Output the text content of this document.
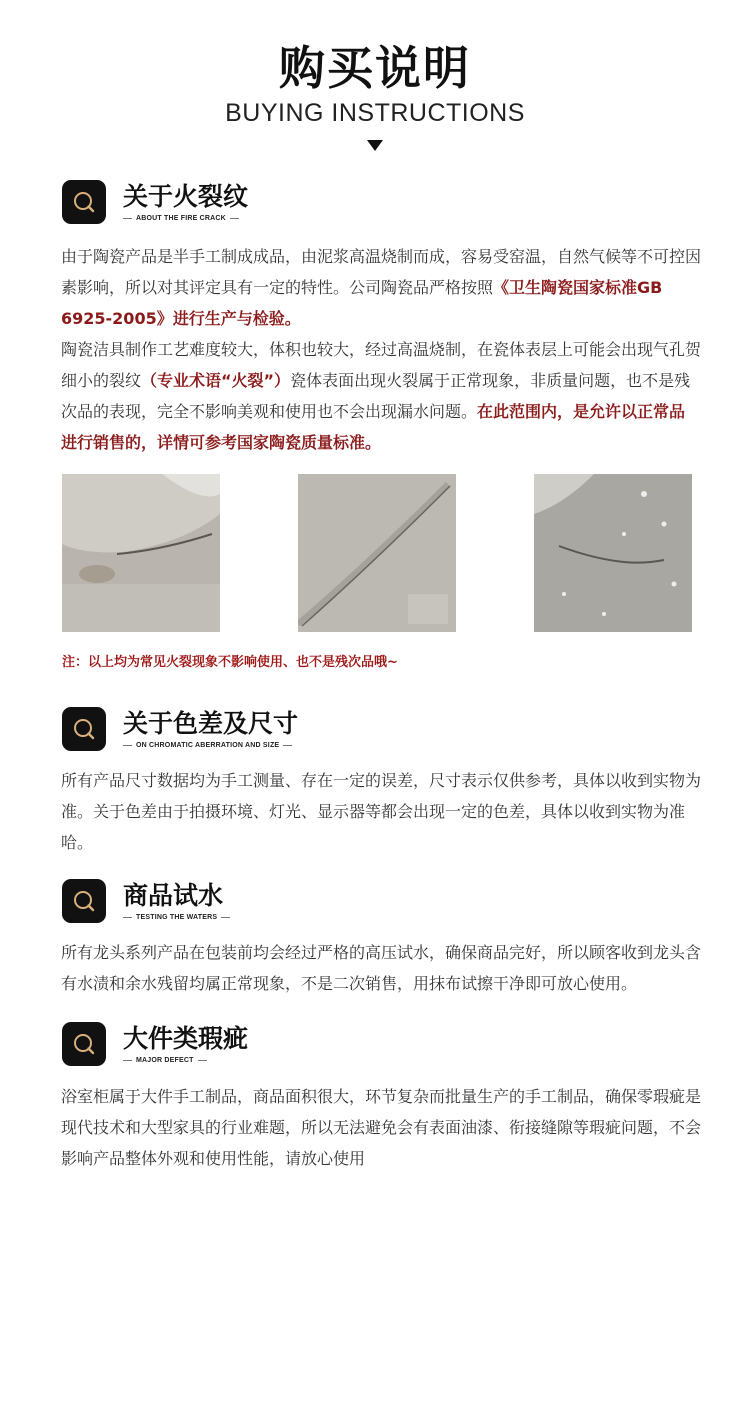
购买说明
BUYING INSTRUCTIONS
关于火裂纹
ABOUT THE FIRE CRACK

由于陶瓷产品是半手工制成成品，由泥浆高温烧制而成，容易受窑温，自然气候等不可控因素影响，所以对其评定具有一定的特性。公司陶瓷品严格按照《卫生陶瓷国家标准GB 6925-2005》进行生产与检验。

陶瓷洁具制作工艺难度较大，体积也较大，经过高温烧制，在瓷体表层上可能会出现气孔贺细小的裂纹（专业术语“火裂”）瓷体表面出现火裂属于正常现象，非质量问题，也不是残次品的表现，完全不影响美观和使用也不会出现漏水问题。在此范围内，是允许以正常品进行销售的，详情可参考国家陶瓷质量标准。

注：以上均为常见火裂现象不影响使用、也不是残次品哦~
关于色差及尺寸
ON CHROMATIC ABERRATION AND SIZE

所有产品尺寸数据均为手工测量、存在一定的误差，尺寸表示仅供参考，具体以收到实物为准。关于色差由于拍摄环境、灯光、显示器等都会出现一定的色差，具体以收到实物为准哈。

商品试水
TESTING THE WATERS

所有龙头系列产品在包装前均会经过严格的高压试水，确保商品完好，所以顾客收到龙头含有水渍和余水残留均属正常现象，不是二次销售，用抹布试擦干净即可放心使用。

大件类瑕疵
MAJOR DEFECT

浴室柜属于大件手工制品，商品面积很大，环节复杂而批量生产的手工制品，确保零瑕疵是现代技术和大型家具的行业难题，所以无法避免会有表面油漆、衔接缝隙等瑕疵问题，不会影响产品整体外观和使用性能，请放心使用
